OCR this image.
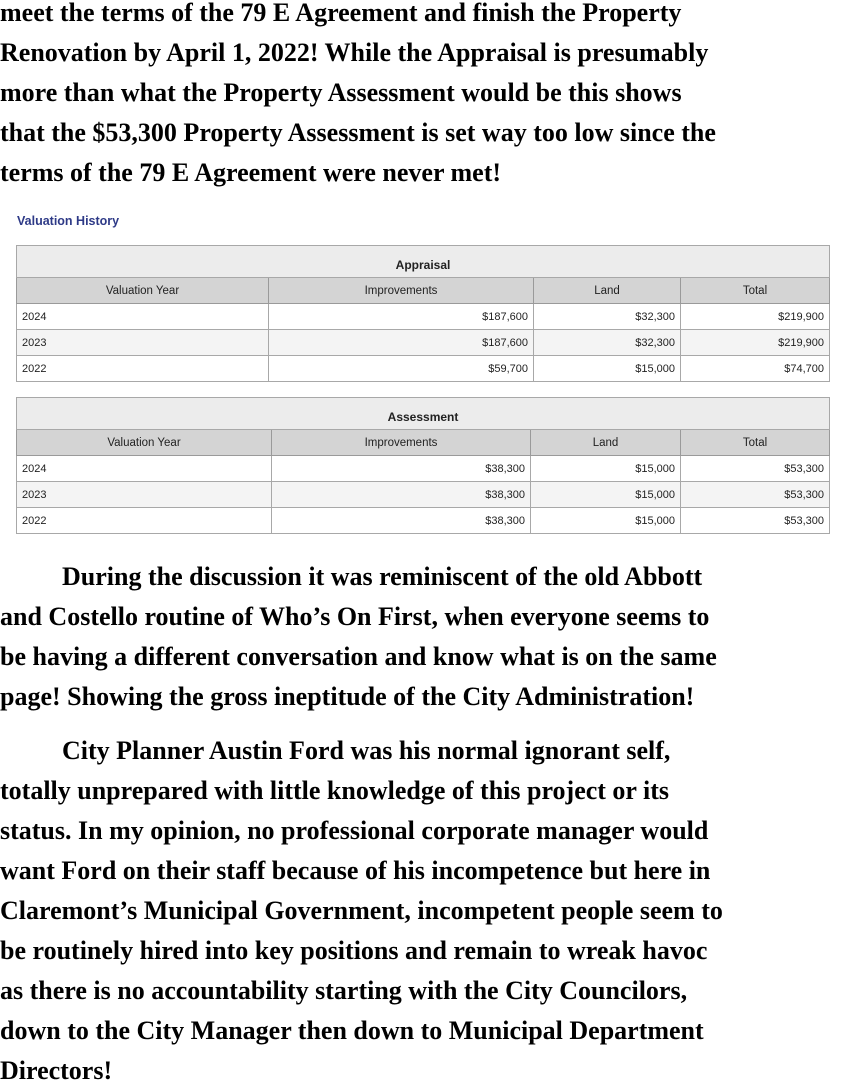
meet the terms of the 79 E Agreement and finish the Property
Renovation by April 1, 2022! While the Appraisal is presumably
more than what the Property Assessment would be this shows
that the $53,300 Property Assessment is set way too low since the
terms of the 79 E Agreement were never met!
Valuation History
Appraisal			
Valuation Year	Improvements	Land	Total
2024	$187,600	$32,300	$219,900
2023	$187,600	$32,300	$219,900
2022	$59,700	$15,000	$74,700
Assessment			
Valuation Year	Improvements	Land	Total
2024	$38,300	$15,000	$53,300
2023	$38,300	$15,000	$53,300
2022	$38,300	$15,000	$53,300
During the discussion it was reminiscent of the old Abbott
and Costello routine of Who’s On First, when everyone seems to
be having a different conversation and know what is on the same
page! Showing the gross ineptitude of the City Administration!
City Planner Austin Ford was his normal ignorant self,
totally unprepared with little knowledge of this project or its
status. In my opinion, no professional corporate manager would
want Ford on their staff because of his incompetence but here in
Claremont’s Municipal Government, incompetent people seem to
be routinely hired into key positions and remain to wreak havoc
as there is no accountability starting with the City Councilors,
down to the City Manager then down to Municipal Department
Directors!
